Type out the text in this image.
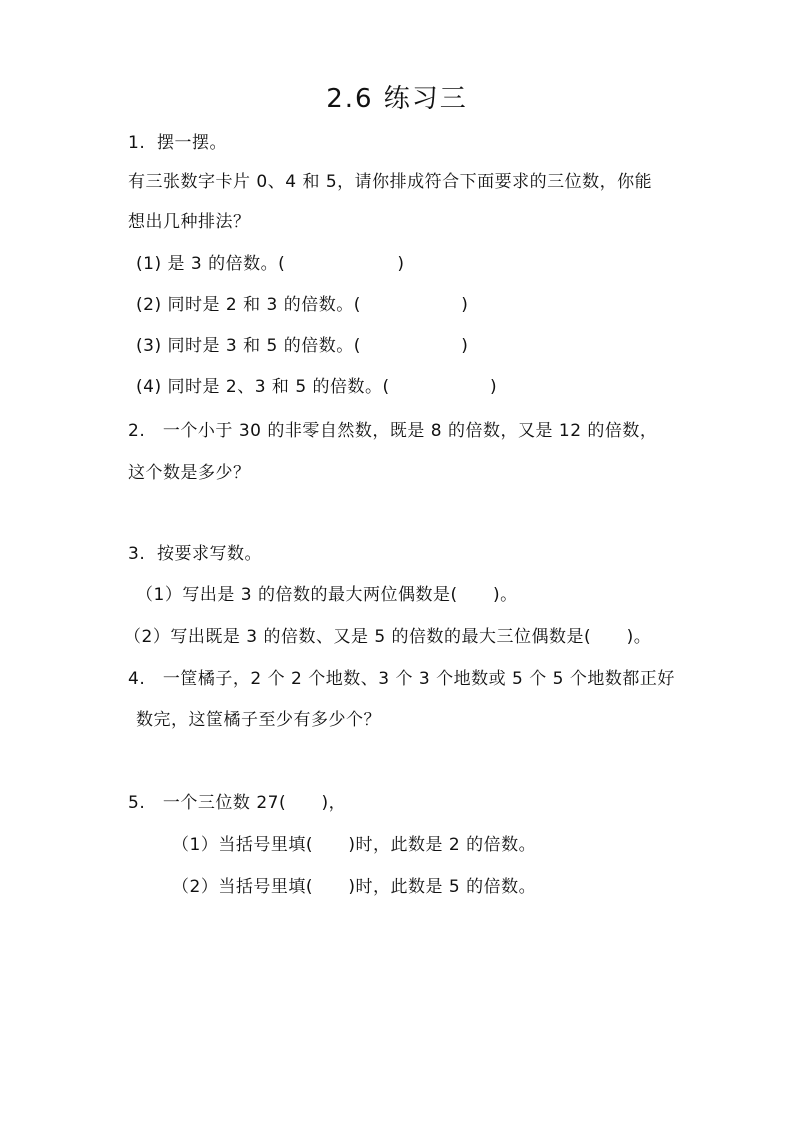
2.6 练习三
1.  摆一摆。
有三张数字卡片 0、4 和 5，请你排成符合下面要求的三位数，你能
想出几种排法？
(1) 是 3 的倍数。(                   )
(2) 同时是 2 和 3 的倍数。(                 )
(3) 同时是 3 和 5 的倍数。(                 )
(4) 同时是 2、3 和 5 的倍数。(                 )
2.   一个小于 30 的非零自然数，既是 8 的倍数，又是 12 的倍数，
这个数是多少？
3.  按要求写数。
（1）写出是 3 的倍数的最大两位偶数是(      )。
（2）写出既是 3 的倍数、又是 5 的倍数的最大三位偶数是(      )。
4.   一筐橘子，2 个 2 个地数、3 个 3 个地数或 5 个 5 个地数都正好
数完，这筐橘子至少有多少个？
5.   一个三位数 27(      )，
（1）当括号里填(      )时，此数是 2 的倍数。
（2）当括号里填(      )时，此数是 5 的倍数。
